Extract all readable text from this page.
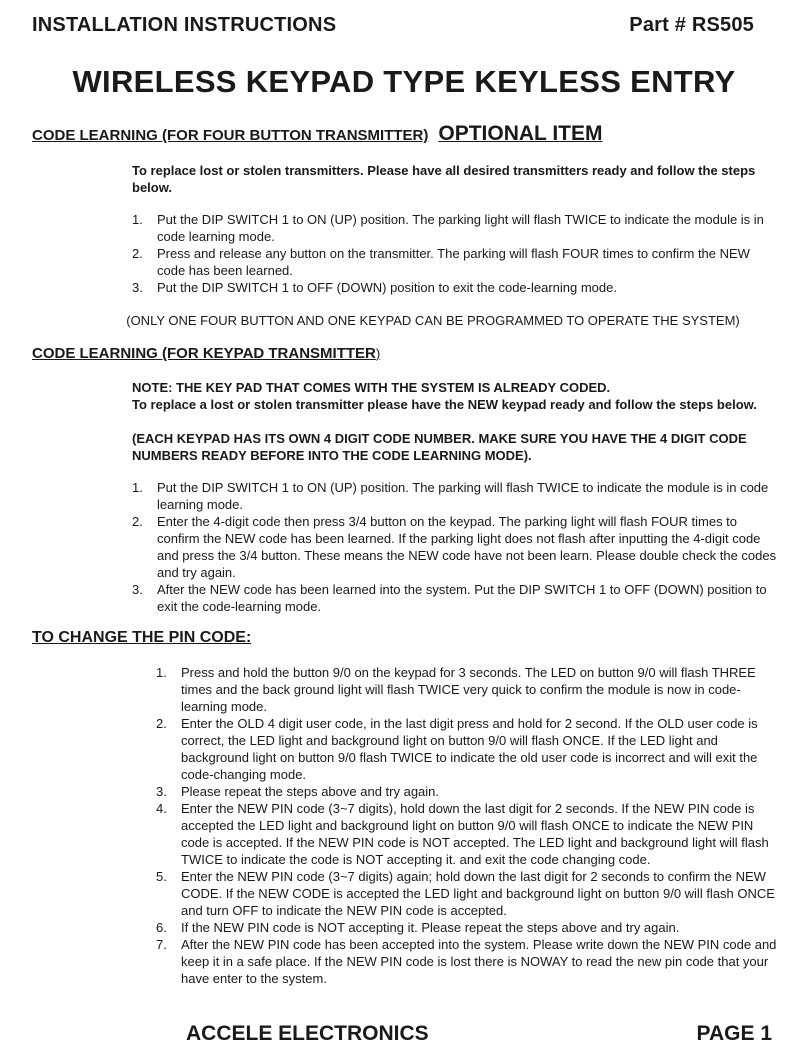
INSTALLATION INSTRUCTIONS	Part # RS505
WIRELESS KEYPAD TYPE KEYLESS ENTRY
CODE LEARNING (FOR FOUR BUTTON TRANSMITTER) OPTIONAL ITEM
To replace lost or stolen transmitters. Please have all desired transmitters ready and follow the steps below.
1.	Put the DIP SWITCH 1 to ON (UP) position. The parking light will flash TWICE to indicate the module is in code learning mode.
2.	Press and release any button on the transmitter. The parking will flash FOUR times to confirm the NEW code has been learned.
3.	Put the DIP SWITCH 1 to OFF (DOWN) position to exit the code-learning mode.
(ONLY ONE FOUR BUTTON AND ONE KEYPAD CAN BE PROGRAMMED TO OPERATE THE SYSTEM)
CODE LEARNING (FOR KEYPAD TRANSMITTER)
NOTE: THE KEY PAD THAT COMES WITH THE SYSTEM IS ALREADY CODED.
To replace a lost or stolen transmitter please have the NEW keypad ready and follow the steps below.
(EACH KEYPAD HAS ITS OWN 4 DIGIT CODE NUMBER. MAKE SURE YOU HAVE THE 4 DIGIT CODE NUMBERS READY BEFORE INTO THE CODE LEARNING MODE).
1.	Put the DIP SWITCH 1 to ON (UP) position. The parking will flash TWICE to indicate the module is in code learning mode.
2.	Enter the 4-digit code then press 3/4 button on the keypad. The parking light will flash FOUR times to confirm the NEW code has been learned. If the parking light does not flash after inputting the 4-digit code and press the 3/4 button. These means the NEW code have not been learn. Please double check the codes and try again.
3.	After the NEW code has been learned into the system. Put the DIP SWITCH 1 to OFF (DOWN) position to exit the code-learning mode.
TO CHANGE THE PIN CODE:
1.	Press and hold the button 9/0 on the keypad for 3 seconds. The LED on button 9/0 will flash THREE times and the back ground light will flash TWICE very quick to confirm the module is now in code-learning mode.
2.	Enter the OLD 4 digit user code, in the last digit press and hold for 2 second. If the OLD user code is correct, the LED light and background light on button 9/0 will flash ONCE. If the LED light and background light on button 9/0 flash TWICE to indicate the old user code is incorrect and will exit the code-changing mode.
3.	Please repeat the steps above and try again.
4.	Enter the NEW PIN code (3~7 digits), hold down the last digit for 2 seconds. If the NEW PIN code is accepted the LED light and background light on button 9/0 will flash ONCE to indicate the NEW PIN code is accepted. If the NEW PIN code is NOT accepted. The LED light and background light will flash TWICE to indicate the code is NOT accepting it. and exit the code changing code.
5.	Enter the NEW PIN code (3~7 digits) again; hold down the last digit for 2 seconds to confirm the NEW CODE. If the NEW CODE is accepted the LED light and background light on button 9/0 will flash ONCE and turn OFF to indicate the NEW PIN code is accepted.
6.	If the NEW PIN code is NOT accepting it. Please repeat the steps above and try again.
7.	After the NEW PIN code has been accepted into the system. Please write down the NEW PIN code and keep it in a safe place. If the NEW PIN code is lost there is NOWAY to read the new pin code that your have enter to the system.
ACCELE ELECTRONICS	PAGE 1
